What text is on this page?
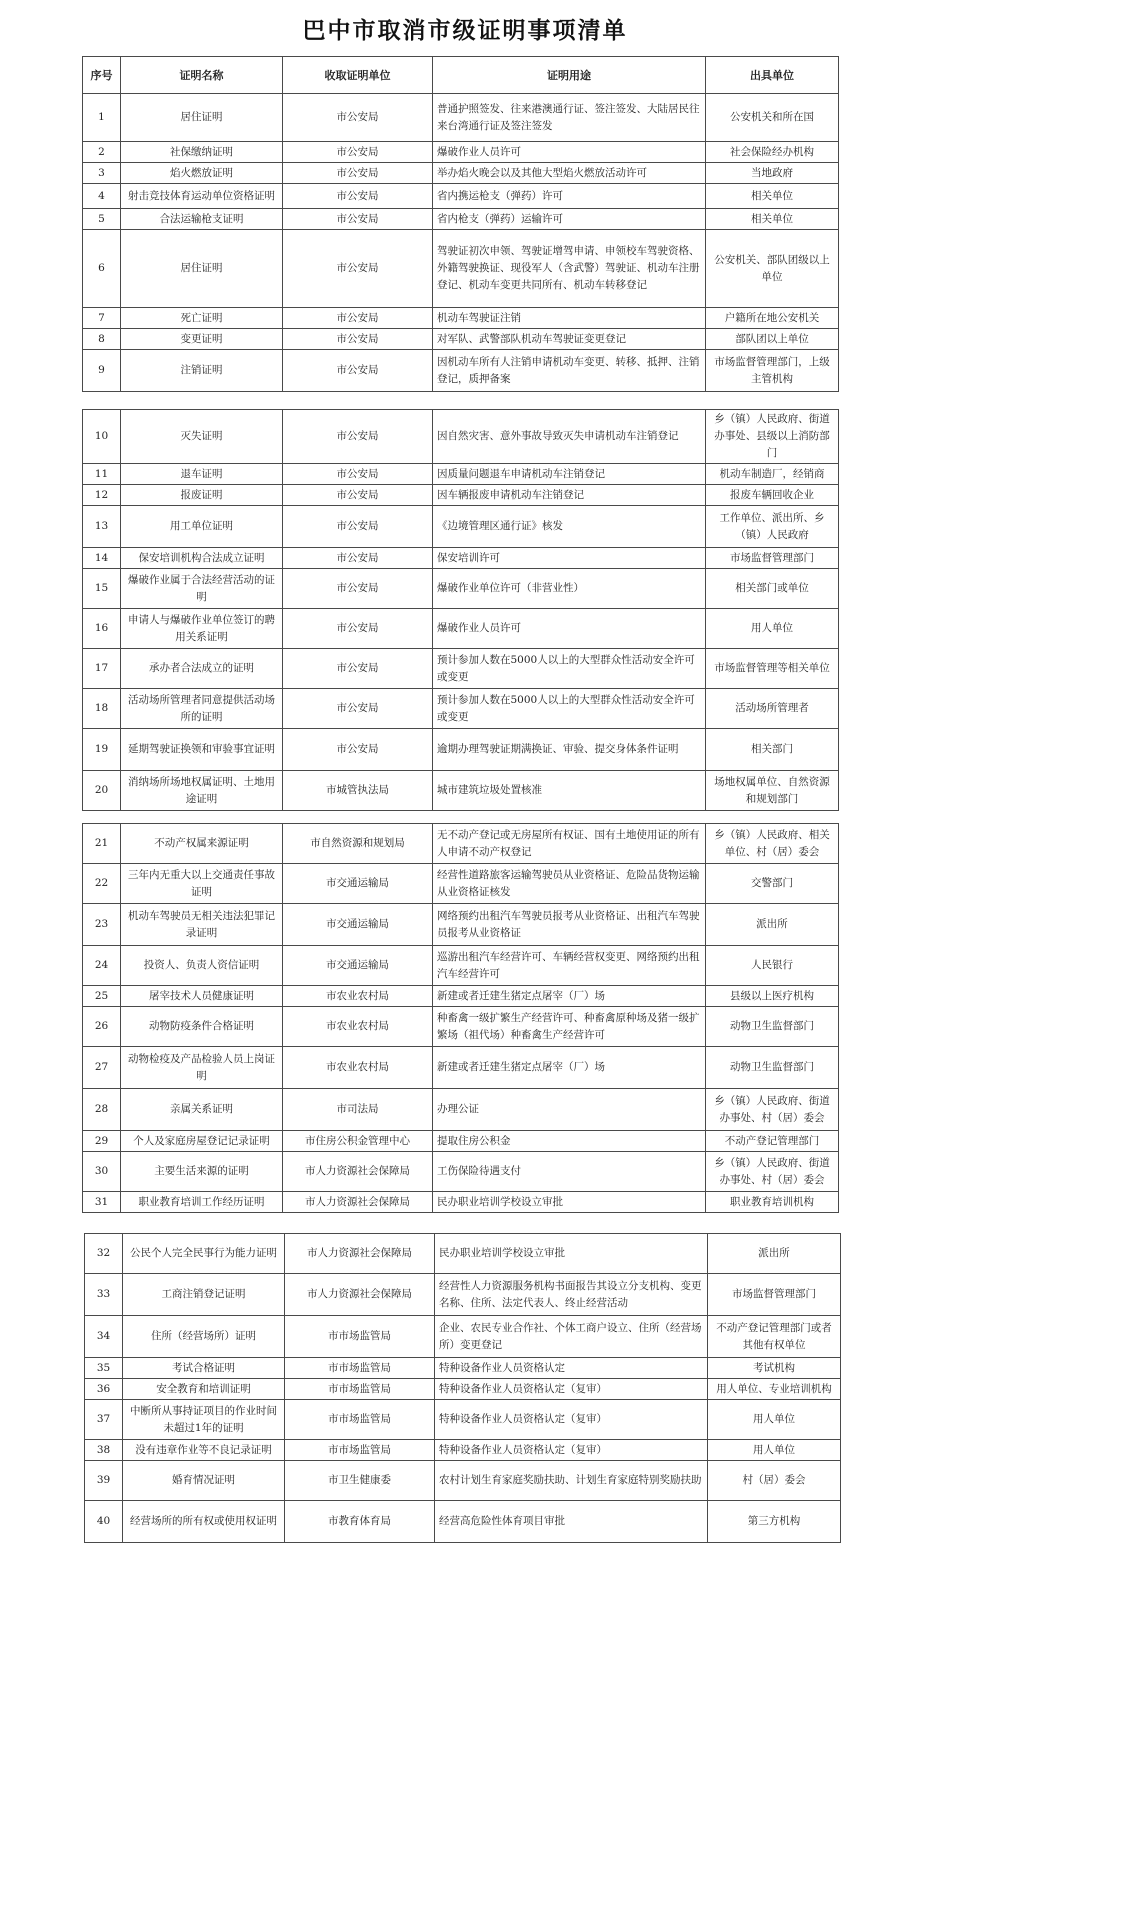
巴中市取消市级证明事项清单
序号	证明名称	收取证明单位	证明用途	出具单位
1	居住证明	市公安局	普通护照签发、往来港澳通行证、签注签发、大陆居民往来台湾通行证及签注签发	公安机关和所在国
2	社保缴纳证明	市公安局	爆破作业人员许可	社会保险经办机构
3	焰火燃放证明	市公安局	举办焰火晚会以及其他大型焰火燃放活动许可	当地政府
4	射击竞技体育运动单位资格证明	市公安局	省内携运枪支（弹药）许可	相关单位
5	合法运输枪支证明	市公安局	省内枪支（弹药）运输许可	相关单位
6	居住证明	市公安局	驾驶证初次申领、驾驶证增驾申请、申领校车驾驶资格、外籍驾驶换证、现役军人（含武警）驾驶证、机动车注册登记、机动车变更共同所有、机动车转移登记	公安机关、部队团级以上单位
7	死亡证明	市公安局	机动车驾驶证注销	户籍所在地公安机关
8	变更证明	市公安局	对军队、武警部队机动车驾驶证变更登记	部队团以上单位
9	注销证明	市公安局	因机动车所有人注销申请机动车变更、转移、抵押、注销登记，质押备案	市场监督管理部门，上级主管机构
10	灭失证明	市公安局	因自然灾害、意外事故导致灭失申请机动车注销登记	乡（镇）人民政府、街道办事处、县级以上消防部门
11	退车证明	市公安局	因质量问题退车申请机动车注销登记	机动车制造厂，经销商
12	报废证明	市公安局	因车辆报废申请机动车注销登记	报废车辆回收企业
13	用工单位证明	市公安局	《边境管理区通行证》核发	工作单位、派出所、乡（镇）人民政府
14	保安培训机构合法成立证明	市公安局	保安培训许可	市场监督管理部门
15	爆破作业属于合法经营活动的证明	市公安局	爆破作业单位许可（非营业性）	相关部门或单位
16	申请人与爆破作业单位签订的聘用关系证明	市公安局	爆破作业人员许可	用人单位
17	承办者合法成立的证明	市公安局	预计参加人数在5000人以上的大型群众性活动安全许可或变更	市场监督管理等相关单位
18	活动场所管理者同意提供活动场所的证明	市公安局	预计参加人数在5000人以上的大型群众性活动安全许可或变更	活动场所管理者
19	延期驾驶证换领和审验事宜证明	市公安局	逾期办理驾驶证期满换证、审验、提交身体条件证明	相关部门
20	消纳场所场地权属证明、土地用途证明	市城管执法局	城市建筑垃圾处置核准	场地权属单位、自然资源和规划部门
21	不动产权属来源证明	市自然资源和规划局	无不动产登记或无房屋所有权证、国有土地使用证的所有人申请不动产权登记	乡（镇）人民政府、相关单位、村（居）委会
22	三年内无重大以上交通责任事故证明	市交通运输局	经营性道路旅客运输驾驶员从业资格证、危险品货物运输从业资格证核发	交警部门
23	机动车驾驶员无相关违法犯罪记录证明	市交通运输局	网络预约出租汽车驾驶员报考从业资格证、出租汽车驾驶员报考从业资格证	派出所
24	投资人、负责人资信证明	市交通运输局	巡游出租汽车经营许可、车辆经营权变更、网络预约出租汽车经营许可	人民银行
25	屠宰技术人员健康证明	市农业农村局	新建或者迁建生猪定点屠宰（厂）场	县级以上医疗机构
26	动物防疫条件合格证明	市农业农村局	种畜禽一级扩繁生产经营许可、种畜禽原种场及猪一级扩繁场（祖代场）种畜禽生产经营许可	动物卫生监督部门
27	动物检疫及产品检验人员上岗证明	市农业农村局	新建或者迁建生猪定点屠宰（厂）场	动物卫生监督部门
28	亲属关系证明	市司法局	办理公证	乡（镇）人民政府、街道办事处、村（居）委会
29	个人及家庭房屋登记记录证明	市住房公积金管理中心	提取住房公积金	不动产登记管理部门
30	主要生活来源的证明	市人力资源社会保障局	工伤保险待遇支付	乡（镇）人民政府、街道办事处、村（居）委会
31	职业教育培训工作经历证明	市人力资源社会保障局	民办职业培训学校设立审批	职业教育培训机构
32	公民个人完全民事行为能力证明	市人力资源社会保障局	民办职业培训学校设立审批	派出所
33	工商注销登记证明	市人力资源社会保障局	经营性人力资源服务机构书面报告其设立分支机构、变更名称、住所、法定代表人、终止经营活动	市场监督管理部门
34	住所（经营场所）证明	市市场监管局	企业、农民专业合作社、个体工商户设立、住所（经营场所）变更登记	不动产登记管理部门或者其他有权单位
35	考试合格证明	市市场监管局	特种设备作业人员资格认定	考试机构
36	安全教育和培训证明	市市场监管局	特种设备作业人员资格认定（复审）	用人单位、专业培训机构
37	中断所从事持证项目的作业时间未超过1年的证明	市市场监管局	特种设备作业人员资格认定（复审）	用人单位
38	没有违章作业等不良记录证明	市市场监管局	特种设备作业人员资格认定（复审）	用人单位
39	婚育情况证明	市卫生健康委	农村计划生育家庭奖励扶助、计划生育家庭特别奖励扶助	村（居）委会
40	经营场所的所有权或使用权证明	市教育体育局	经营高危险性体育项目审批	第三方机构
